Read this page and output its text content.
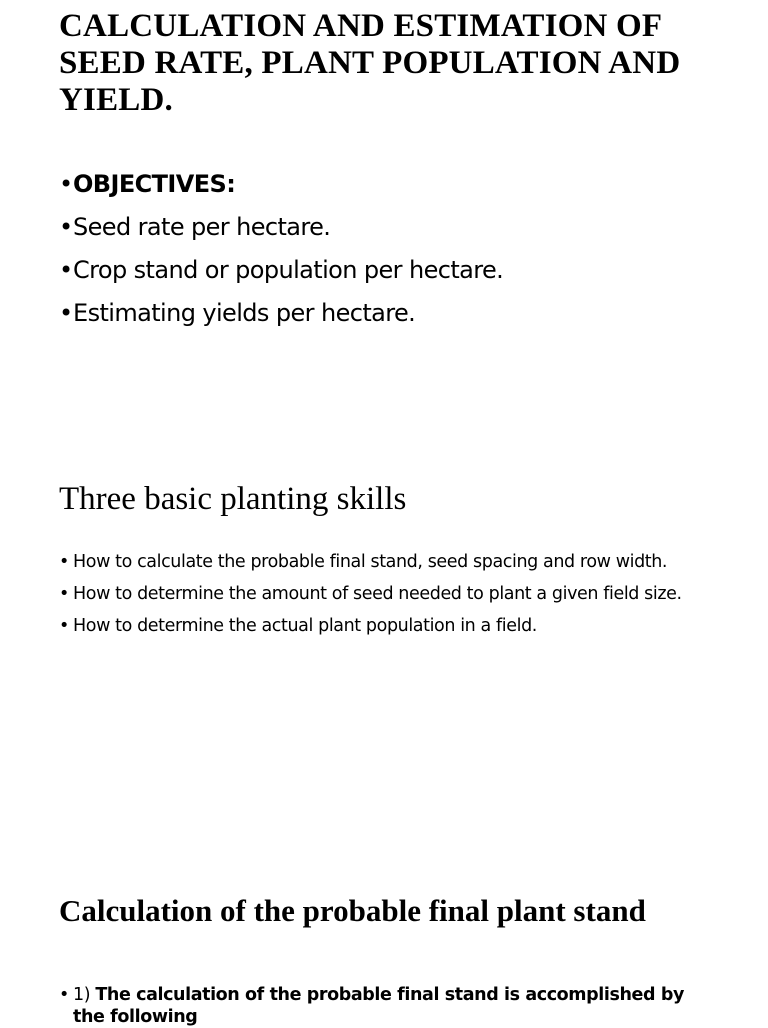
CALCULATION AND ESTIMATION OF SEED RATE, PLANT POPULATION AND YIELD.
•OBJECTIVES:
•Seed rate per hectare.
•Crop stand or population per hectare.
•Estimating yields per hectare.
Three basic planting skills
• How to calculate the probable final stand, seed spacing and row width.
• How to determine the amount of seed needed to plant a given field size.
• How to determine the actual plant population in a field.
Calculation of the probable final plant stand
• 1) The calculation of the probable final stand is accomplished by the following
